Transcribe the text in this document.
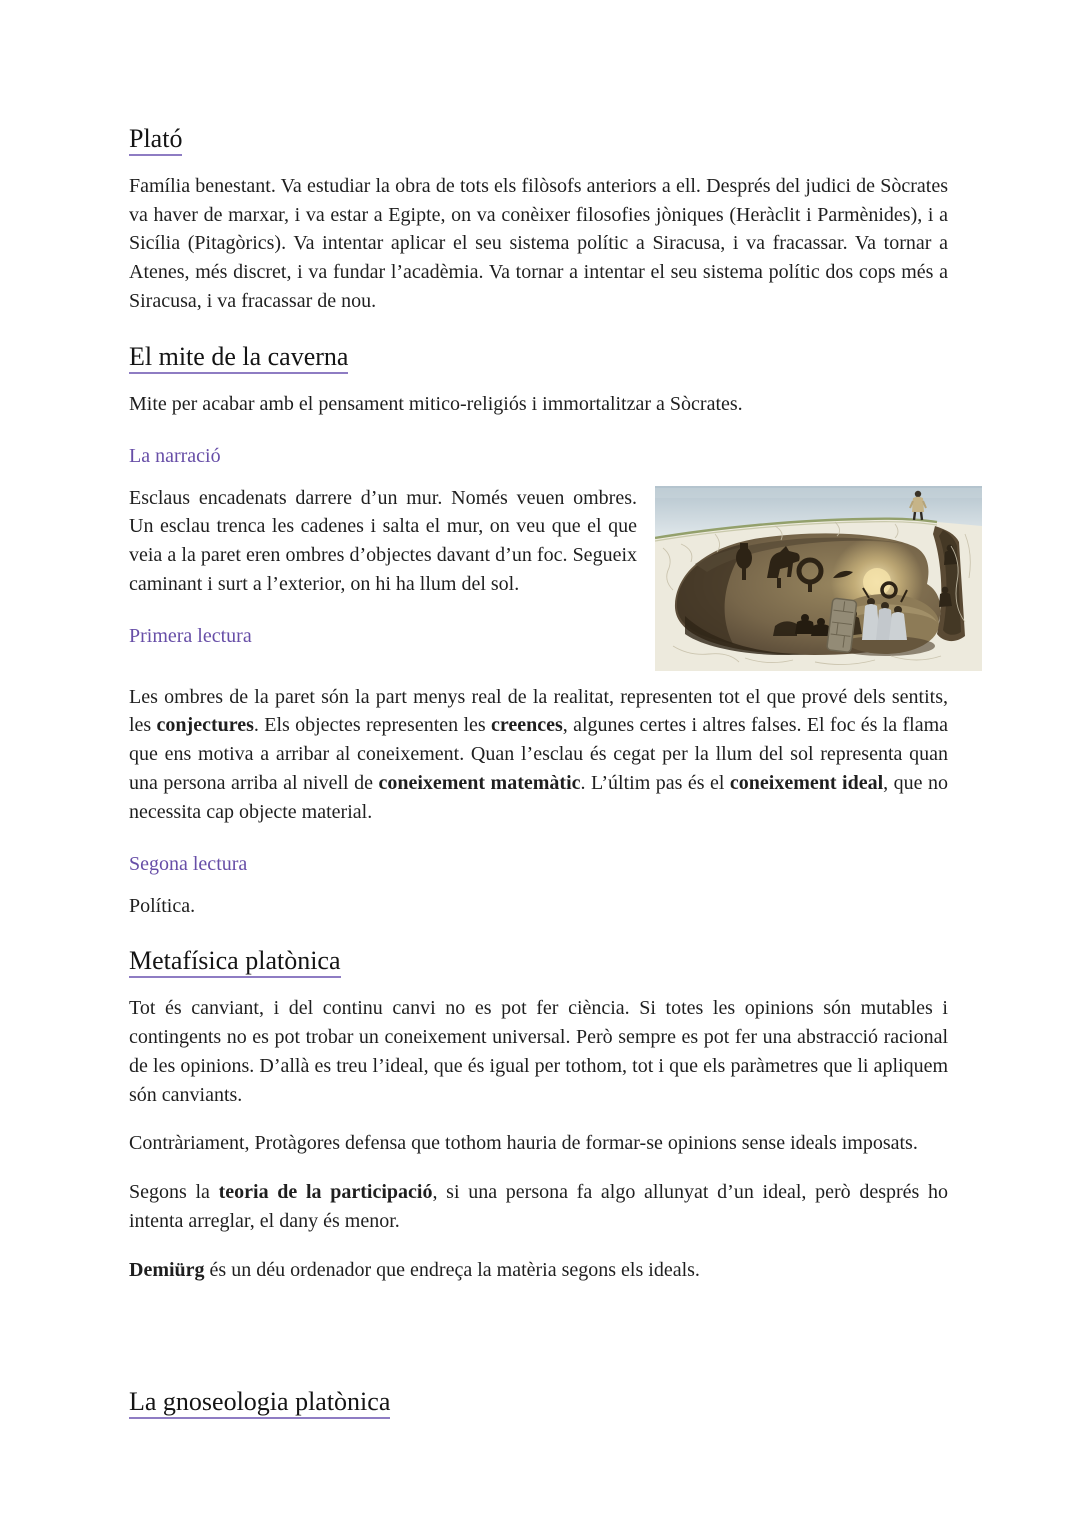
Plató

Família benestant. Va estudiar la obra de tots els filòsofs anteriors a ell. Després del judici de Sòcrates va haver de marxar, i va estar a Egipte, on va conèixer filosofies jòniques (Heràclit i Parmènides), i a Sicília (Pitagòrics). Va intentar aplicar el seu sistema polític a Siracusa, i va fracassar. Va tornar a Atenes, més discret, i va fundar l’acadèmia. Va tornar a intentar el seu sistema polític dos cops més a Siracusa, i va fracassar de nou.

El mite de la caverna

Mite per acabar amb el pensament mitico-religiós i immortalitzar a Sòcrates.

La narració

Esclaus encadenats darrere d’un mur. Només veuen ombres. Un esclau trenca les cadenes i salta el mur, on veu que el que veia a la paret eren ombres d’objectes davant d’un foc. Segueix caminant i surt a l’exterior, on hi ha llum del sol.

Primera lectura

Les ombres de la paret són la part menys real de la realitat, representen tot el que prové dels sentits, les conjectures. Els objectes representen les creences, algunes certes i altres falses. El foc és la flama que ens motiva a arribar al coneixement. Quan l’esclau és cegat per la llum del sol representa quan una persona arriba al nivell de coneixement matemàtic. L’últim pas és el coneixement ideal, que no necessita cap objecte material.

Segona lectura

Política.

Metafísica platònica

Tot és canviant, i del continu canvi no es pot fer ciència. Si totes les opinions són mutables i contingents no es pot trobar un coneixement universal. Però sempre es pot fer una abstracció racional de les opinions. D’allà es treu l’ideal, que és igual per tothom, tot i que els paràmetres que li apliquem són canviants.

Contràriament, Protàgores defensa que tothom hauria de formar-se opinions sense ideals imposats.

Segons la teoria de la participació, si una persona fa algo allunyat d’un ideal, però després ho intenta arreglar, el dany és menor.

Demiürg és un déu ordenador que endreça la matèria segons els ideals.

La gnoseologia platònica
